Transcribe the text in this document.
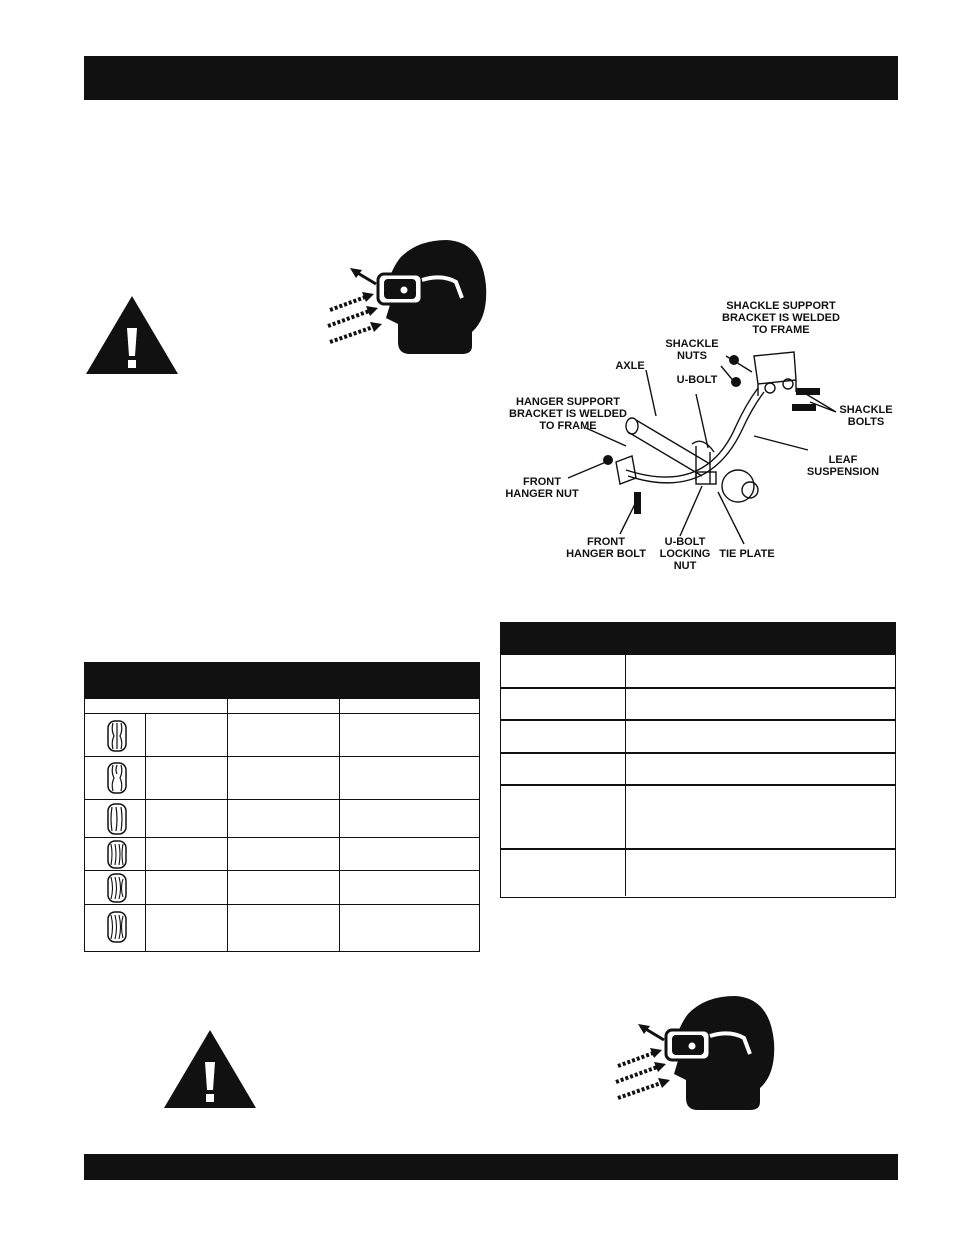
SHACKLE SUPPORT
BRACKET IS WELDED
TO FRAME
SHACKLE
NUTS
AXLE
U-BOLT
HANGER SUPPORT
BRACKET IS WELDED
TO FRAME
SHACKLE
BOLTS
LEAF
SUSPENSION
FRONT
HANGER NUT
FRONT
HANGER BOLT
U-BOLT
LOCKING
NUT
TIE PLATE
